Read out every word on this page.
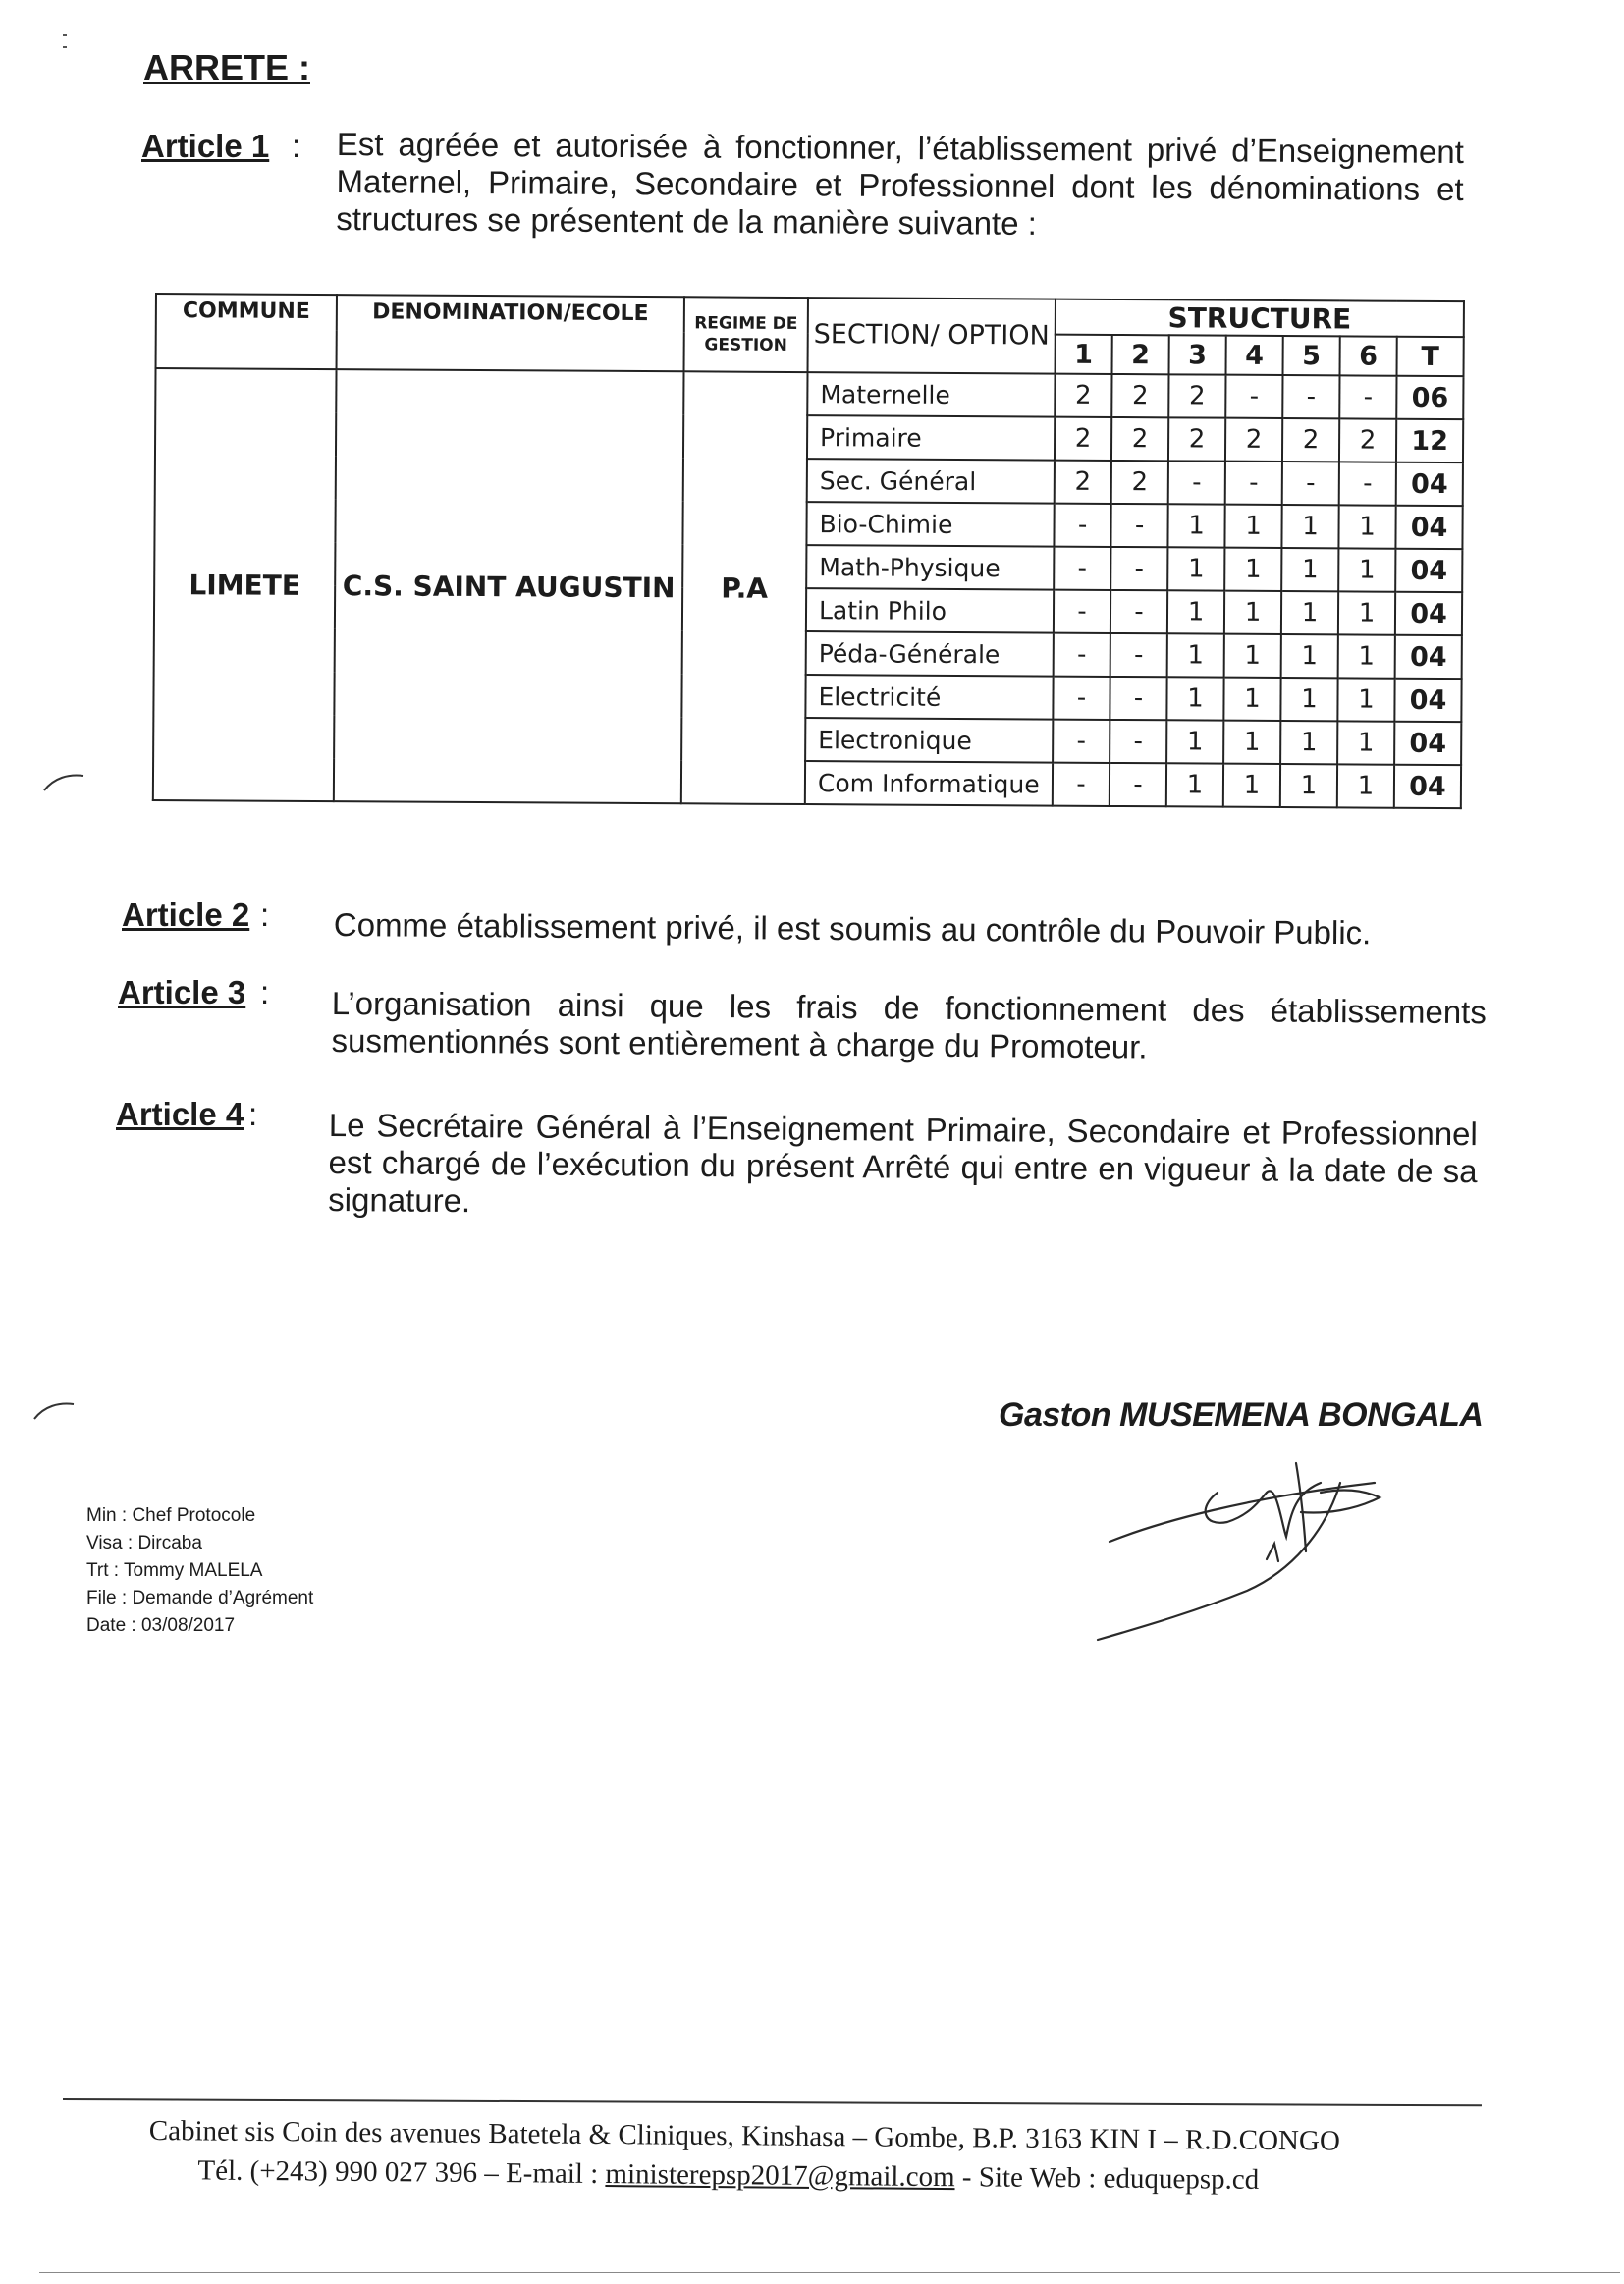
ARRETE :
Article 1 : Est agréée et autorisée à fonctionner, l’établissement privé d’Enseignement Maternel, Primaire, Secondaire et Professionnel dont les dénominations et structures se présentent de la manière suivante :
COMMUNE	DENOMINATION/ECOLE	REGIME DE GESTION	SECTION/ OPTION	STRUCTURE						
				1	2	3	4	5	6	T
LIMETE	C.S. SAINT AUGUSTIN	P.A	Maternelle	2	2	2	-	-	-	06
			Primaire	2	2	2	2	2	2	12
			Sec. Général	2	2	-	-	-	-	04
			Bio-Chimie	-	-	1	1	1	1	04
			Math-Physique	-	-	1	1	1	1	04
			Latin Philo	-	-	1	1	1	1	04
			Péda-Générale	-	-	1	1	1	1	04
			Electricité	-	-	1	1	1	1	04
			Electronique	-	-	1	1	1	1	04
			Com Informatique	-	-	1	1	1	1	04
Article 2 : Comme établissement privé, il est soumis au contrôle du Pouvoir Public.
Article 3 : L’organisation ainsi que les frais de fonctionnement des établissements susmentionnés sont entièrement à charge du Promoteur.
Article 4 : Le Secrétaire Général à l’Enseignement Primaire, Secondaire et Professionnel est chargé de l’exécution du présent Arrêté qui entre en vigueur à la date de sa signature.
Gaston MUSEMENA BONGALA
Min : Chef Protocole
Visa : Dircaba
Trt : Tommy MALELA
File : Demande d’Agrément
Date : 03/08/2017
Cabinet sis Coin des avenues Batetela & Cliniques, Kinshasa – Gombe, B.P. 3163 KIN I – R.D.CONGO
Tél. (+243) 990 027 396 – E-mail : ministerepsp2017@gmail.com - Site Web : eduquepsp.cd
